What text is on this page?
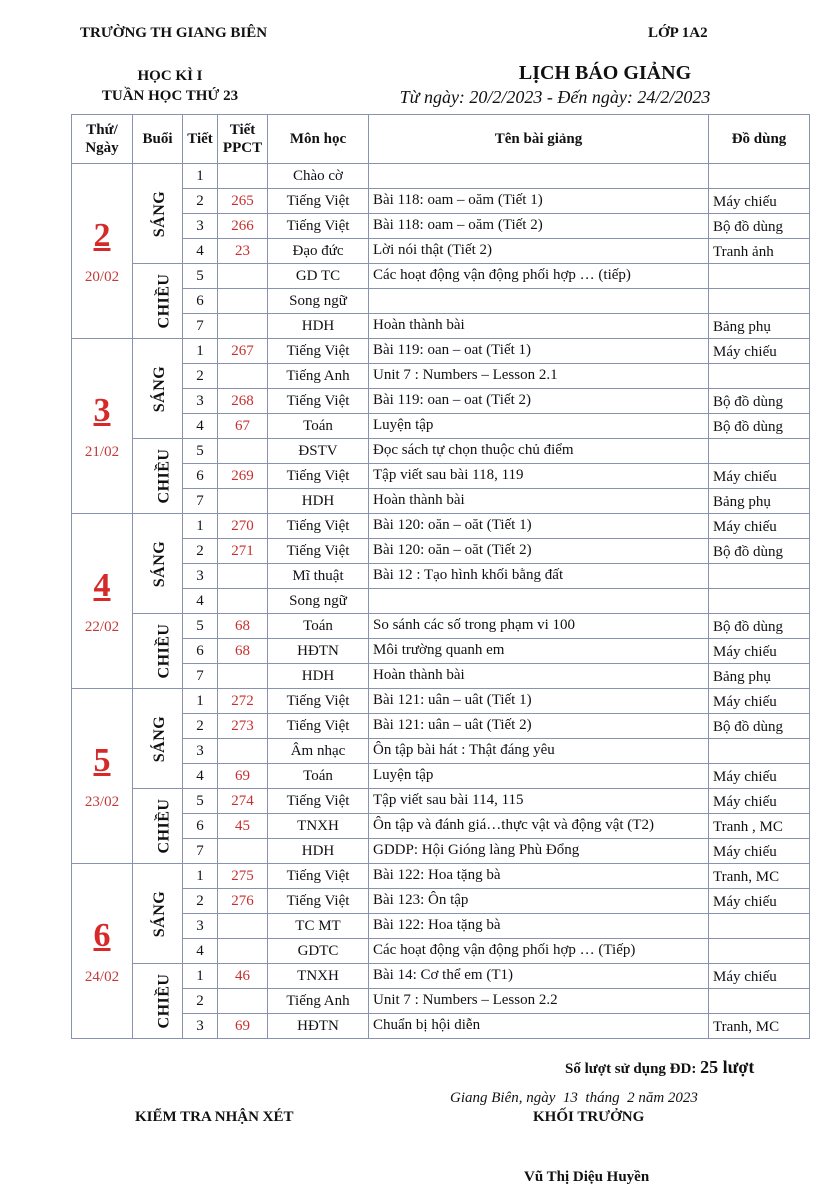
TRƯỜNG TH GIANG BIÊN	LỚP 1A2
HỌC KÌ I
TUẦN HỌC THỨ 23
LỊCH BÁO GIẢNG
Từ ngày: 20/2/2023 - Đến ngày: 24/2/2023
Thứ/ Ngày	Buổi	Tiết	Tiết PPCT	Môn học	Tên bài giảng	Đồ dùng

2
20/02	SÁNG	1		Chào cờ		
		2	265	Tiếng Việt	Bài 118: oam – oăm (Tiết 1)	Máy chiếu
		3	266	Tiếng Việt	Bài 118: oam – oăm (Tiết 2)	Bộ đồ dùng
		4	23	Đạo đức	Lời nói thật (Tiết 2)	Tranh ảnh
	CHIỀU	5		GD TC	Các hoạt động vận động phối hợp … (tiếp)	
		6		Song ngữ		
		7		HDH	Hoàn thành bài	Bảng phụ

3
21/02	SÁNG	1	267	Tiếng Việt	Bài 119: oan – oat (Tiết 1)	Máy chiếu
		2		Tiếng Anh	Unit 7 : Numbers – Lesson 2.1	
		3	268	Tiếng Việt	Bài 119: oan – oat (Tiết 2)	Bộ đồ dùng
		4	67	Toán	Luyện tập	Bộ đồ dùng
	CHIỀU	5		ĐSTV	Đọc sách tự chọn thuộc chủ điểm	
		6	269	Tiếng Việt	Tập viết sau bài 118, 119	Máy chiếu
		7		HDH	Hoàn thành bài	Bảng phụ

4
22/02	SÁNG	1	270	Tiếng Việt	Bài 120: oăn – oăt (Tiết 1)	Máy chiếu
		2	271	Tiếng Việt	Bài 120: oăn – oăt (Tiết 2)	Bộ đồ dùng
		3		Mĩ thuật	Bài 12 : Tạo hình khối bằng đất	
		4		Song ngữ		
	CHIỀU	5	68	Toán	So sánh các số trong phạm vi 100	Bộ đồ dùng
		6	68	HĐTN	Môi trường quanh em	Máy chiếu
		7		HDH	Hoàn thành bài	Bảng phụ

5
23/02	SÁNG	1	272	Tiếng Việt	Bài 121: uân – uât (Tiết 1)	Máy chiếu
		2	273	Tiếng Việt	Bài 121: uân – uât (Tiết 2)	Bộ đồ dùng
		3		Âm nhạc	Ôn tập bài hát : Thật đáng yêu	
		4	69	Toán	Luyện tập	Máy chiếu
	CHIỀU	5	274	Tiếng Việt	Tập viết sau bài 114, 115	Máy chiếu
		6	45	TNXH	Ôn tập và đánh giá…thực vật và động vật (T2)	Tranh , MC
		7		HDH	GDDP: Hội Gióng làng Phù Đổng	Máy chiếu

6
24/02	SÁNG	1	275	Tiếng Việt	Bài 122: Hoa tặng bà	Tranh, MC
		2	276	Tiếng Việt	Bài 123: Ôn tập	Máy chiếu
		3		TC MT	Bài 122: Hoa tặng bà	
		4		GDTC	Các hoạt động vận động phối hợp … (Tiếp)	
	CHIỀU	1	46	TNXH	Bài 14: Cơ thể em (T1)	Máy chiếu
		2		Tiếng Anh	Unit 7 : Numbers – Lesson 2.2	
		3	69	HĐTN	Chuẩn bị hội diễn	Tranh, MC
Số lượt sử dụng ĐD: 25 lượt
Giang Biên, ngày  13  tháng  2 năm 2023
KIỂM TRA NHẬN XÉT	KHỐI TRƯỞNG
Vũ Thị Diệu Huyền
